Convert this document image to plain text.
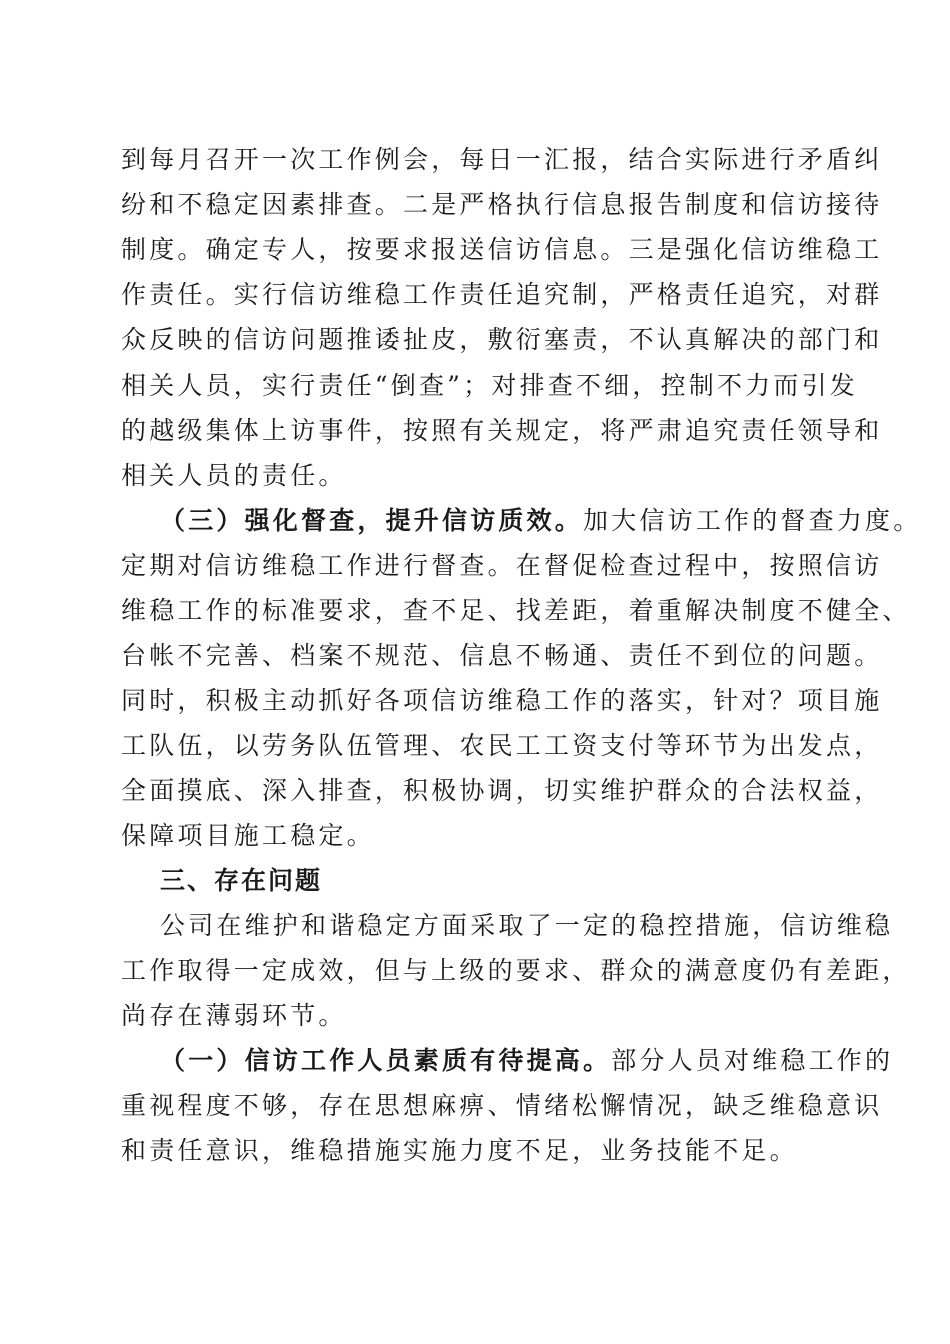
到每月召开一次工作例会，每日一汇报，结合实际进行矛盾纠
纷和不稳定因素排查。二是严格执行信息报告制度和信访接待
制度。确定专人，按要求报送信访信息。三是强化信访维稳工
作责任。实行信访维稳工作责任追究制，严格责任追究，对群
众反映的信访问题推诿扯皮，敷衍塞责，不认真解决的部门和
相关人员，实行责任“倒查”；对排查不细，控制不力而引发
的越级集体上访事件，按照有关规定，将严肃追究责任领导和
相关人员的责任。
（三）强化督查，提升信访质效。加大信访工作的督查力度。
定期对信访维稳工作进行督查。在督促检查过程中，按照信访
维稳工作的标准要求，查不足、找差距，着重解决制度不健全、
台帐不完善、档案不规范、信息不畅通、责任不到位的问题。
同时，积极主动抓好各项信访维稳工作的落实，针对？项目施
工队伍，以劳务队伍管理、农民工工资支付等环节为出发点，
全面摸底、深入排查，积极协调，切实维护群众的合法权益，
保障项目施工稳定。
三、存在问题
公司在维护和谐稳定方面采取了一定的稳控措施，信访维稳
工作取得一定成效，但与上级的要求、群众的满意度仍有差距，
尚存在薄弱环节。
（一）信访工作人员素质有待提高。部分人员对维稳工作的
重视程度不够，存在思想麻痹、情绪松懈情况，缺乏维稳意识
和责任意识，维稳措施实施力度不足，业务技能不足。
